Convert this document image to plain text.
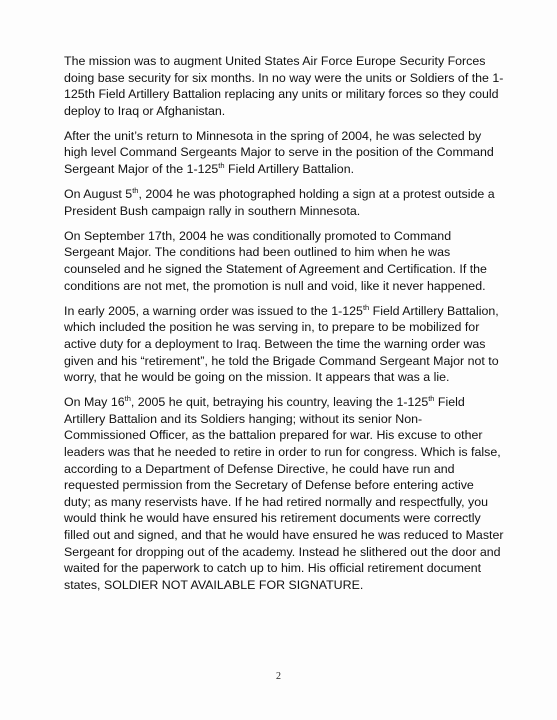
The mission was to augment United States Air Force Europe Security Forces doing base security for six months. In no way were the units or Soldiers of the 1-125th Field Artillery Battalion replacing any units or military forces so they could deploy to Iraq or Afghanistan.

After the unit’s return to Minnesota in the spring of 2004, he was selected by high level Command Sergeants Major to serve in the position of the Command Sergeant Major of the 1-125th Field Artillery Battalion.

On August 5th, 2004 he was photographed holding a sign at a protest outside a President Bush campaign rally in southern Minnesota.

On September 17th, 2004 he was conditionally promoted to Command Sergeant Major. The conditions had been outlined to him when he was counseled and he signed the Statement of Agreement and Certification. If the conditions are not met, the promotion is null and void, like it never happened.

In early 2005, a warning order was issued to the 1-125th Field Artillery Battalion, which included the position he was serving in, to prepare to be mobilized for active duty for a deployment to Iraq. Between the time the warning order was given and his “retirement”, he told the Brigade Command Sergeant Major not to worry, that he would be going on the mission. It appears that was a lie.

On May 16th, 2005 he quit, betraying his country, leaving the 1-125th Field Artillery Battalion and its Soldiers hanging; without its senior Non-Commissioned Officer, as the battalion prepared for war. His excuse to other leaders was that he needed to retire in order to run for congress. Which is false, according to a Department of Defense Directive, he could have run and requested permission from the Secretary of Defense before entering active duty; as many reservists have. If he had retired normally and respectfully, you would think he would have ensured his retirement documents were correctly filled out and signed, and that he would have ensured he was reduced to Master Sergeant for dropping out of the academy. Instead he slithered out the door and waited for the paperwork to catch up to him. His official retirement document states, SOLDIER NOT AVAILABLE FOR SIGNATURE.

2
